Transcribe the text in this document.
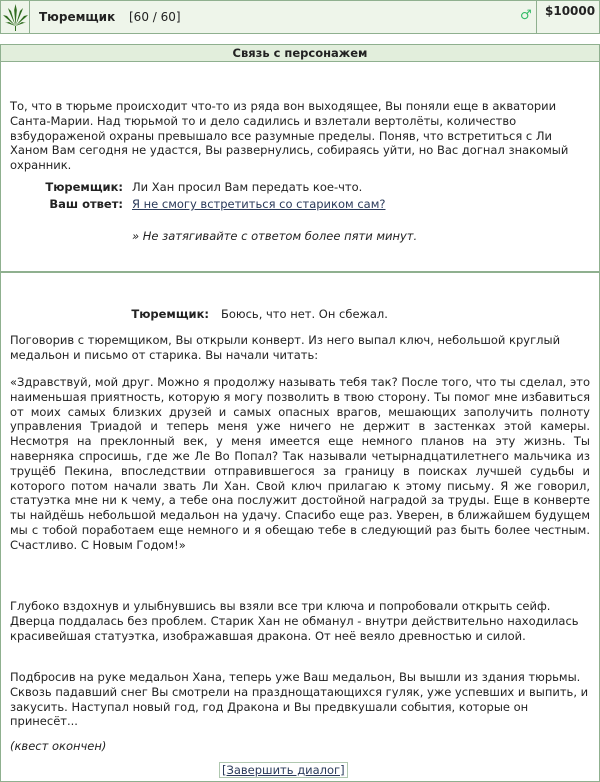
Тюремщик [60 / 60]	♂ $10000
Связь с персонажем

То, что в тюрьме происходит что-то из ряда вон выходящее, Вы поняли еще в акватории Санта-Марии. Над тюрьмой то и дело садились и взлетали вертолёты, количество взбудораженой охраны превышало все разумные пределы. Поняв, что встретиться с Ли Ханом Вам сегодня не удастся, Вы развернулись, собираясь уйти, но Вас догнал знакомый охранник.

Тюремщик: Ли Хан просил Вам передать кое-что.
Ваш ответ: Я не смогу встретиться со стариком сам?
» Не затягивайте с ответом более пяти минут.
Тюремщик: Боюсь, что нет. Он сбежал.

Поговорив с тюремщиком, Вы открыли конверт. Из него выпал ключ, небольшой круглый медальон и письмо от старика. Вы начали читать:

«Здравствуй, мой друг. Можно я продолжу называть тебя так? После того, что ты сделал, это наименьшая приятность, которую я могу позволить в твою сторону. Ты помог мне избавиться от моих самых близких друзей и самых опасных врагов, мешающих заполучить полноту управления Триадой и теперь меня уже ничего не держит в застенках этой камеры. Несмотря на преклонный век, у меня имеется еще немного планов на эту жизнь. Ты наверняка спросишь, где же Ле Во Попал? Так называли четырнадцатилетнего мальчика из трущёб Пекина, впоследствии отправившегося за границу в поисках лучшей судьбы и которого потом начали звать Ли Хан. Свой ключ прилагаю к этому письму. Я же говорил, статуэтка мне ни к чему, а тебе она послужит достойной наградой за труды. Еще в конверте ты найдёшь небольшой медальон на удачу. Спасибо еще раз. Уверен, в ближайшем будущем мы с тобой поработаем еще немного и я обещаю тебе в следующий раз быть более честным. Счастливо. С Новым Годом!»

Глубоко вздохнув и улыбнувшись вы взяли все три ключа и попробовали открыть сейф. Дверца поддалась без проблем. Старик Хан не обманул - внутри действительно находилась красивейшая статуэтка, изображавшая дракона. От неё веяло древностью и силой.

Подбросив на руке медальон Хана, теперь уже Ваш медальон, Вы вышли из здания тюрьмы. Сквозь падавший снег Вы смотрели на празднощатающихся гуляк, уже успевших и выпить, и закусить. Наступал новый год, год Дракона и Вы предвкушали события, которые он принесёт...

(квест окончен)
[Завершить диалог]
